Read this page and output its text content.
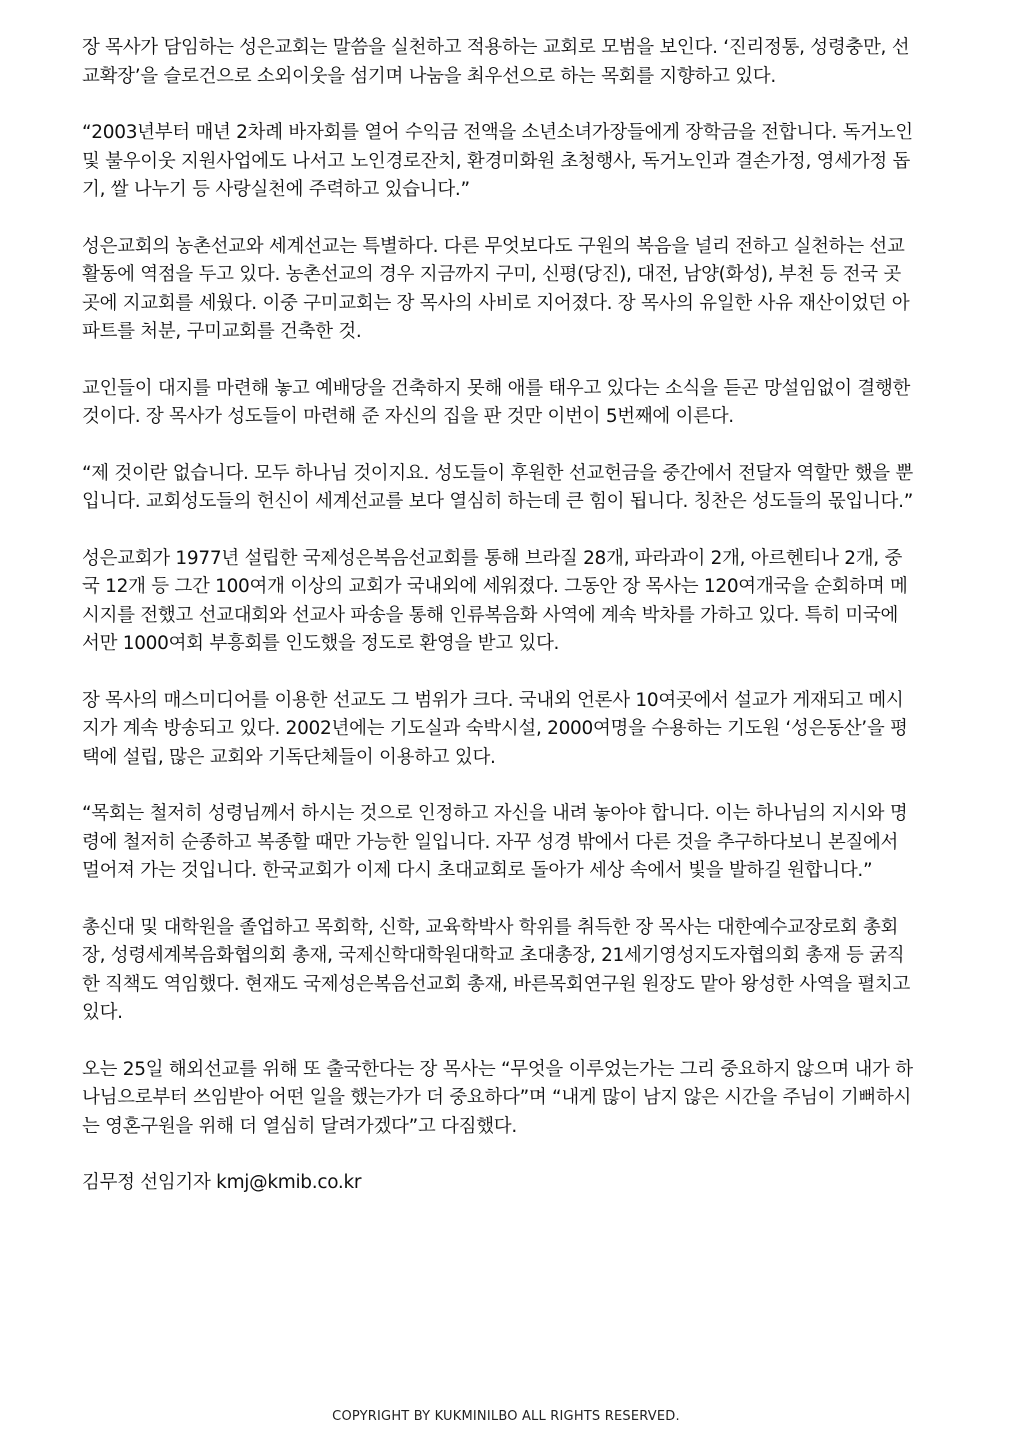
장 목사가 담임하는 성은교회는 말씀을 실천하고 적용하는 교회로 모범을 보인다. ‘진리정통, 성령충만, 선교확장’을 슬로건으로 소외이웃을 섬기며 나눔을 최우선으로 하는 목회를 지향하고 있다.

“2003년부터 매년 2차례 바자회를 열어 수익금 전액을 소년소녀가장들에게 장학금을 전합니다. 독거노인 및 불우이웃 지원사업에도 나서고 노인경로잔치, 환경미화원 초청행사, 독거노인과 결손가정, 영세가정 돕기, 쌀 나누기 등 사랑실천에 주력하고 있습니다.”

성은교회의 농촌선교와 세계선교는 특별하다. 다른 무엇보다도 구원의 복음을 널리 전하고 실천하는 선교활동에 역점을 두고 있다. 농촌선교의 경우 지금까지 구미, 신평(당진), 대전, 남양(화성), 부천 등 전국 곳곳에 지교회를 세웠다. 이중 구미교회는 장 목사의 사비로 지어졌다. 장 목사의 유일한 사유 재산이었던 아파트를 처분, 구미교회를 건축한 것.

교인들이 대지를 마련해 놓고 예배당을 건축하지 못해 애를 태우고 있다는 소식을 듣곤 망설임없이 결행한 것이다. 장 목사가 성도들이 마련해 준 자신의 집을 판 것만 이번이 5번째에 이른다.

“제 것이란 없습니다. 모두 하나님 것이지요. 성도들이 후원한 선교헌금을 중간에서 전달자 역할만 했을 뿐입니다. 교회성도들의 헌신이 세계선교를 보다 열심히 하는데 큰 힘이 됩니다. 칭찬은 성도들의 몫입니다.”

성은교회가 1977년 설립한 국제성은복음선교회를 통해 브라질 28개, 파라과이 2개, 아르헨티나 2개, 중국 12개 등 그간 100여개 이상의 교회가 국내외에 세워졌다. 그동안 장 목사는 120여개국을 순회하며 메시지를 전했고 선교대회와 선교사 파송을 통해 인류복음화 사역에 계속 박차를 가하고 있다. 특히 미국에서만 1000여회 부흥회를 인도했을 정도로 환영을 받고 있다.

장 목사의 매스미디어를 이용한 선교도 그 범위가 크다. 국내외 언론사 10여곳에서 설교가 게재되고 메시지가 계속 방송되고 있다. 2002년에는 기도실과 숙박시설, 2000여명을 수용하는 기도원 ‘성은동산’을 평택에 설립, 많은 교회와 기독단체들이 이용하고 있다.

“목회는 철저히 성령님께서 하시는 것으로 인정하고 자신을 내려 놓아야 합니다. 이는 하나님의 지시와 명령에 철저히 순종하고 복종할 때만 가능한 일입니다. 자꾸 성경 밖에서 다른 것을 추구하다보니 본질에서 멀어져 가는 것입니다. 한국교회가 이제 다시 초대교회로 돌아가 세상 속에서 빛을 발하길 원합니다.”

총신대 및 대학원을 졸업하고 목회학, 신학, 교육학박사 학위를 취득한 장 목사는 대한예수교장로회 총회장, 성령세계복음화협의회 총재, 국제신학대학원대학교 초대총장, 21세기영성지도자협의회 총재 등 굵직한 직책도 역임했다. 현재도 국제성은복음선교회 총재, 바른목회연구원 원장도 맡아 왕성한 사역을 펼치고 있다.

오는 25일 해외선교를 위해 또 출국한다는 장 목사는 “무엇을 이루었는가는 그리 중요하지 않으며 내가 하나님으로부터 쓰임받아 어떤 일을 했는가가 더 중요하다”며 “내게 많이 남지 않은 시간을 주님이 기뻐하시는 영혼구원을 위해 더 열심히 달려가겠다”고 다짐했다.

김무정 선임기자 kmj@kmib.co.kr

COPYRIGHT BY KUKMINILBO ALL RIGHTS RESERVED.
